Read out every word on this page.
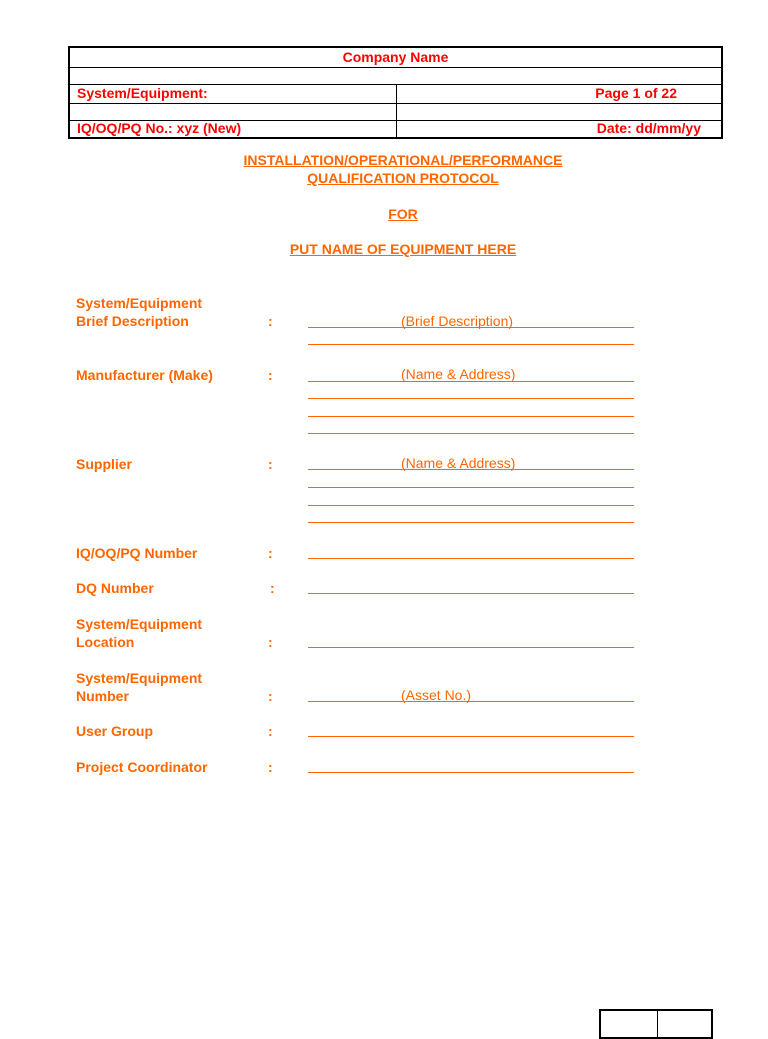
Company Name
System/Equipment:	Page 1 of 22
IQ/OQ/PQ No.: xyz (New)	Date: dd/mm/yy
INSTALLATION/OPERATIONAL/PERFORMANCE
QUALIFICATION PROTOCOL
FOR
PUT NAME OF EQUIPMENT HERE
System/Equipment
Brief Description	:	(Brief Description)
Manufacturer (Make)	:	(Name & Address)
Supplier	:	(Name & Address)
IQ/OQ/PQ Number	:
DQ Number	:
System/Equipment
Location	:
System/Equipment
Number	:	(Asset No.)
User Group	:
Project Coordinator	:
